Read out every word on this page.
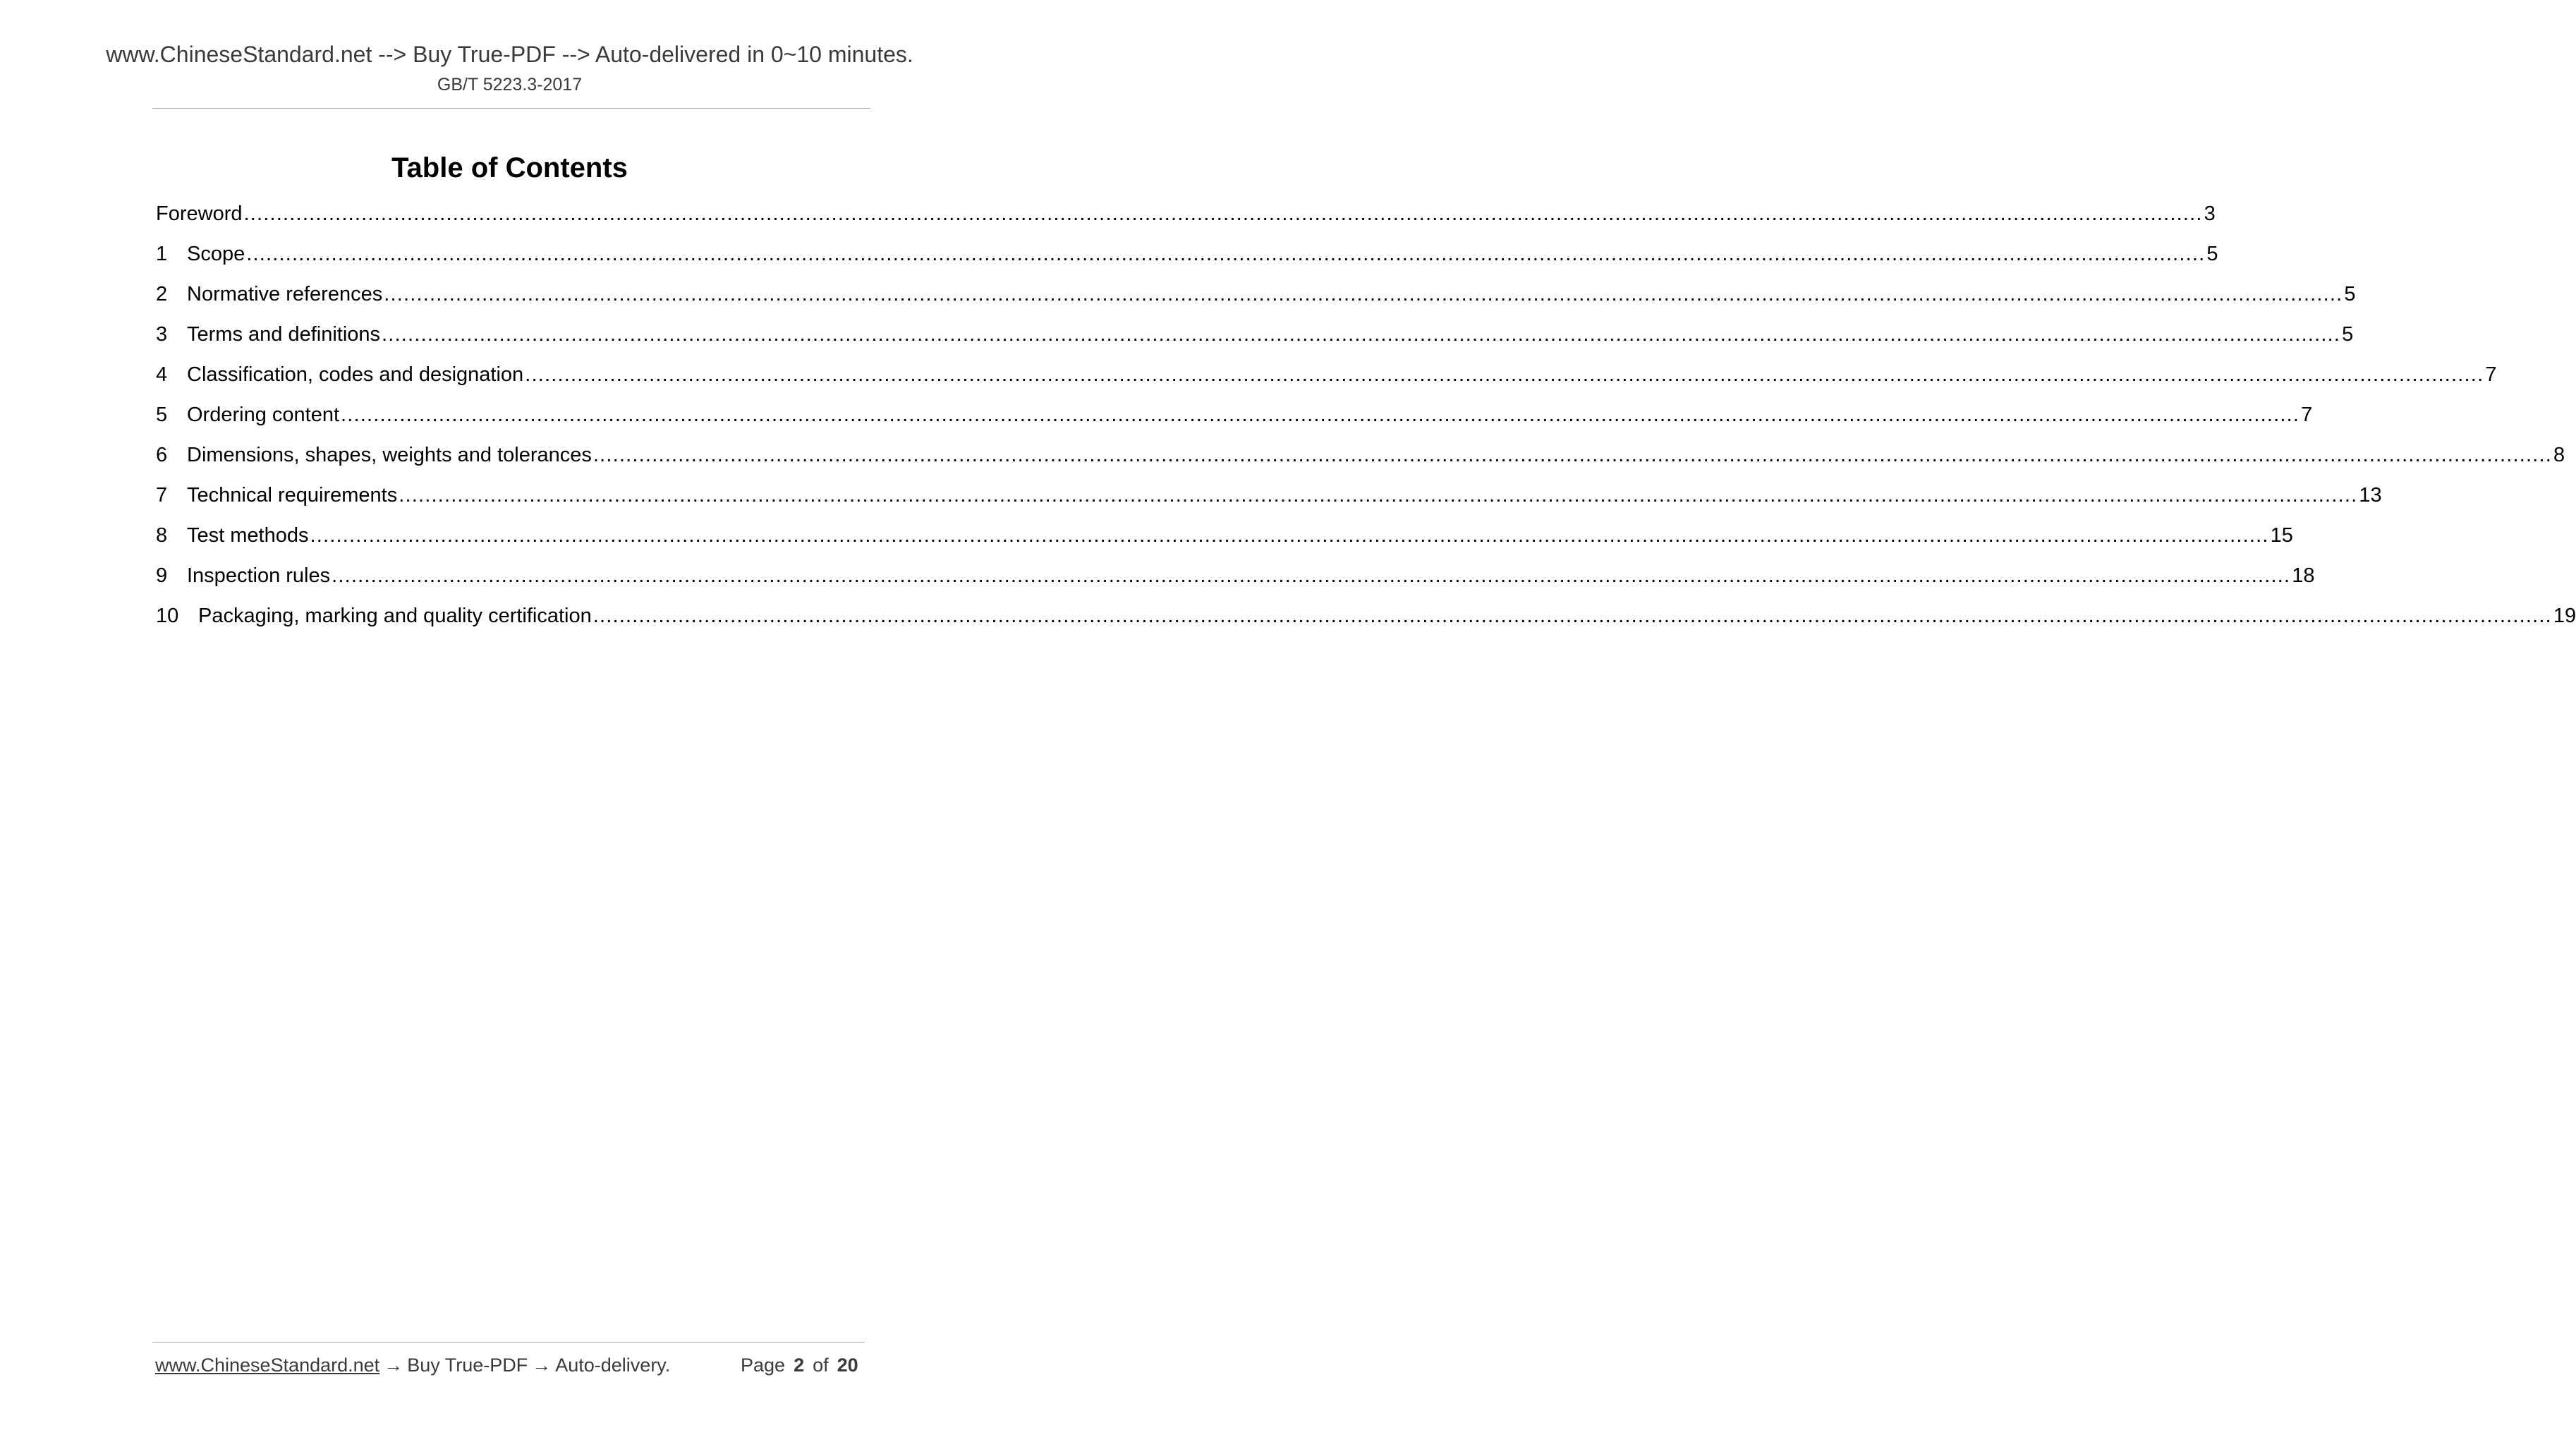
www.ChineseStandard.net --> Buy True-PDF --> Auto-delivered in 0~10 minutes.
GB/T 5223.3-2017
Table of Contents
Foreword ............................................................................................................................................................................................................................................................................................................ 3
1 Scope ............................................................................................................................................................................................................................................................................................................ 5
2 Normative references ............................................................................................................................................................................................................................................................................................................ 5
3 Terms and definitions ............................................................................................................................................................................................................................................................................................................ 5
4 Classification, codes and designation ............................................................................................................................................................................................................................................................................................................ 7
5 Ordering content ............................................................................................................................................................................................................................................................................................................ 7
6 Dimensions, shapes, weights and tolerances ............................................................................................................................................................................................................................................................................................................ 8
7 Technical requirements ............................................................................................................................................................................................................................................................................................................ 13
8 Test methods ............................................................................................................................................................................................................................................................................................................ 15
9 Inspection rules ............................................................................................................................................................................................................................................................................................................ 18
10 Packaging, marking and quality certification ............................................................................................................................................................................................................................................................................................................ 19
www.ChineseStandard.net → Buy True-PDF → Auto-delivery.	Page 2 of 20
